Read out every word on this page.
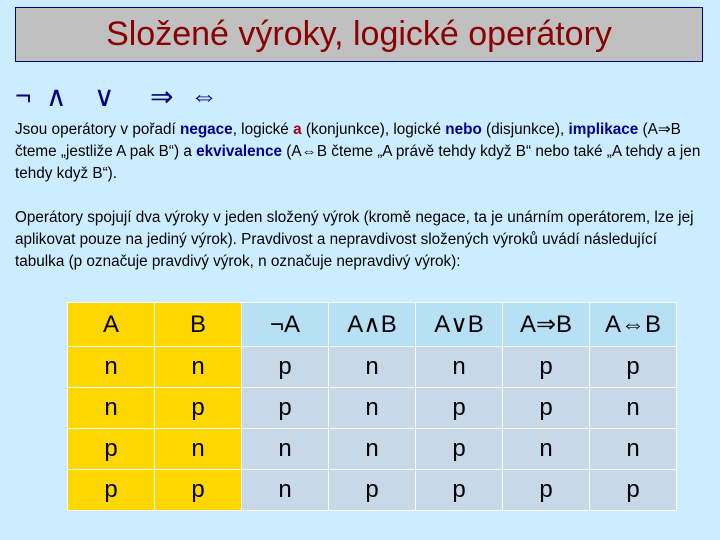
Složené výroky, logické operátory
¬ ∧ ∨	⇒ ⇔
Jsou operátory v pořadí negace, logické a (konjunkce), logické nebo (disjunkce), implikace (A⇒B čteme „jestliže A pak B“) a ekvivalence (A⇔B čteme „A právě tehdy když B“ nebo také „A tehdy a jen tehdy když B“).
Operátory spojují dva výroky v jeden složený výrok (kromě negace, ta je unárním operátorem, lze jej aplikovat pouze na jediný výrok). Pravdivost a nepravdivost složených výroků uvádí následující tabulka (p označuje pravdivý výrok, n označuje nepravdivý výrok):
A	B	¬A	A∧B	A∨B	A⇒B	A⇔B
n	n	p	n	n	p	p
n	p	p	n	p	p	n
p	n	n	n	p	n	n
p	p	n	p	p	p	p
